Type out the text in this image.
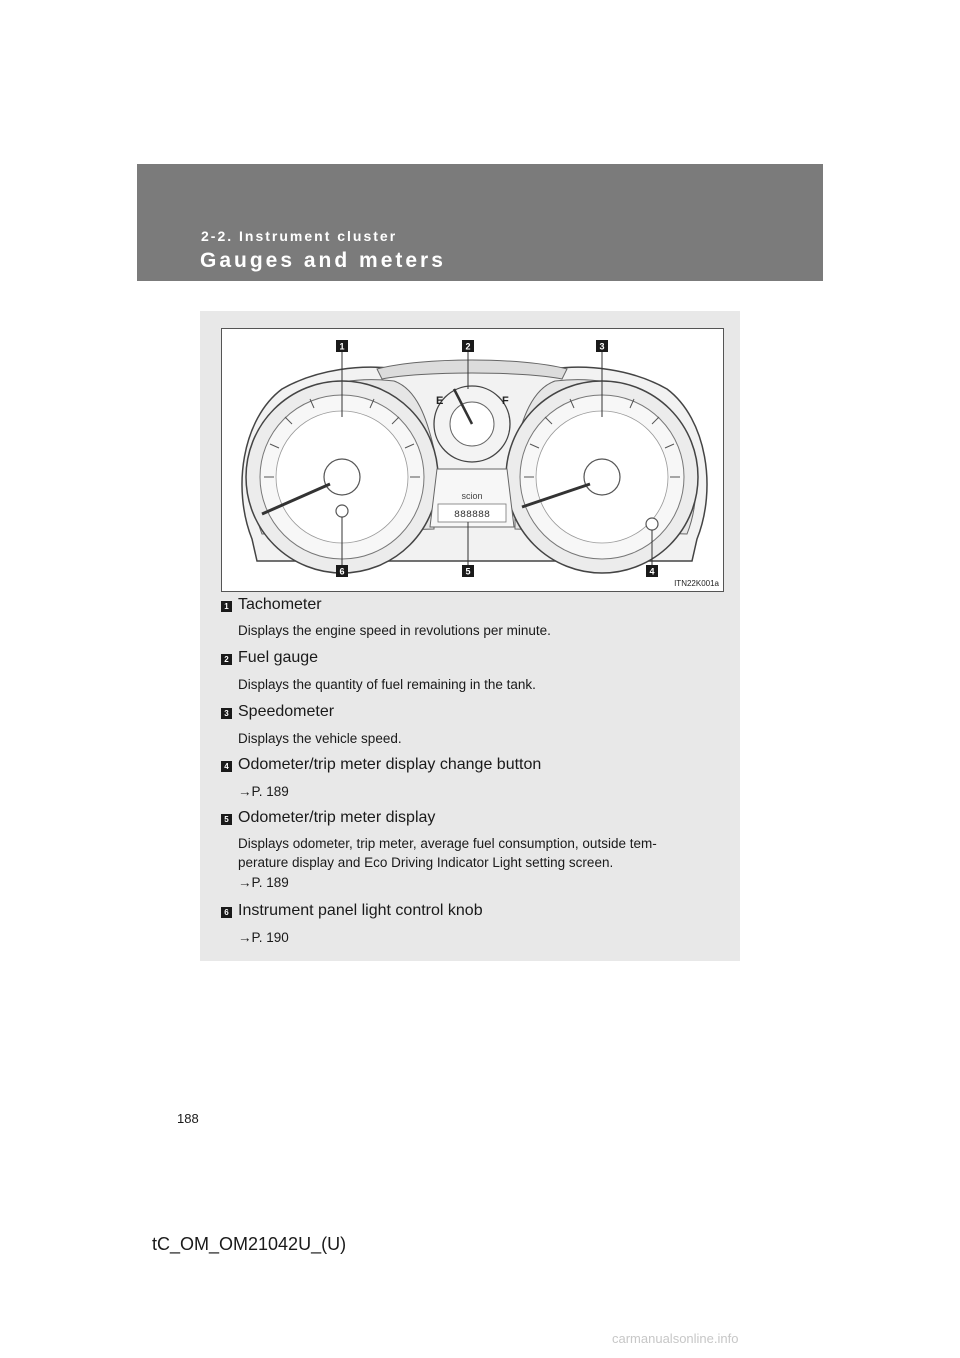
2-2. Instrument cluster
Gauges and meters
E	F
scion
888888
1	2	3
4
5
6
ITN22K001a
1 Tachometer
Displays the engine speed in revolutions per minute.
2 Fuel gauge
Displays the quantity of fuel remaining in the tank.
3 Speedometer
Displays the vehicle speed.
4 Odometer/trip meter display change button
→P. 189
5 Odometer/trip meter display
Displays odometer, trip meter, average fuel consumption, outside tem-
perature display and Eco Driving Indicator Light setting screen.
→P. 189
6 Instrument panel light control knob
→P. 190
188
tC_OM_OM21042U_(U)
carmanualsonline.info
